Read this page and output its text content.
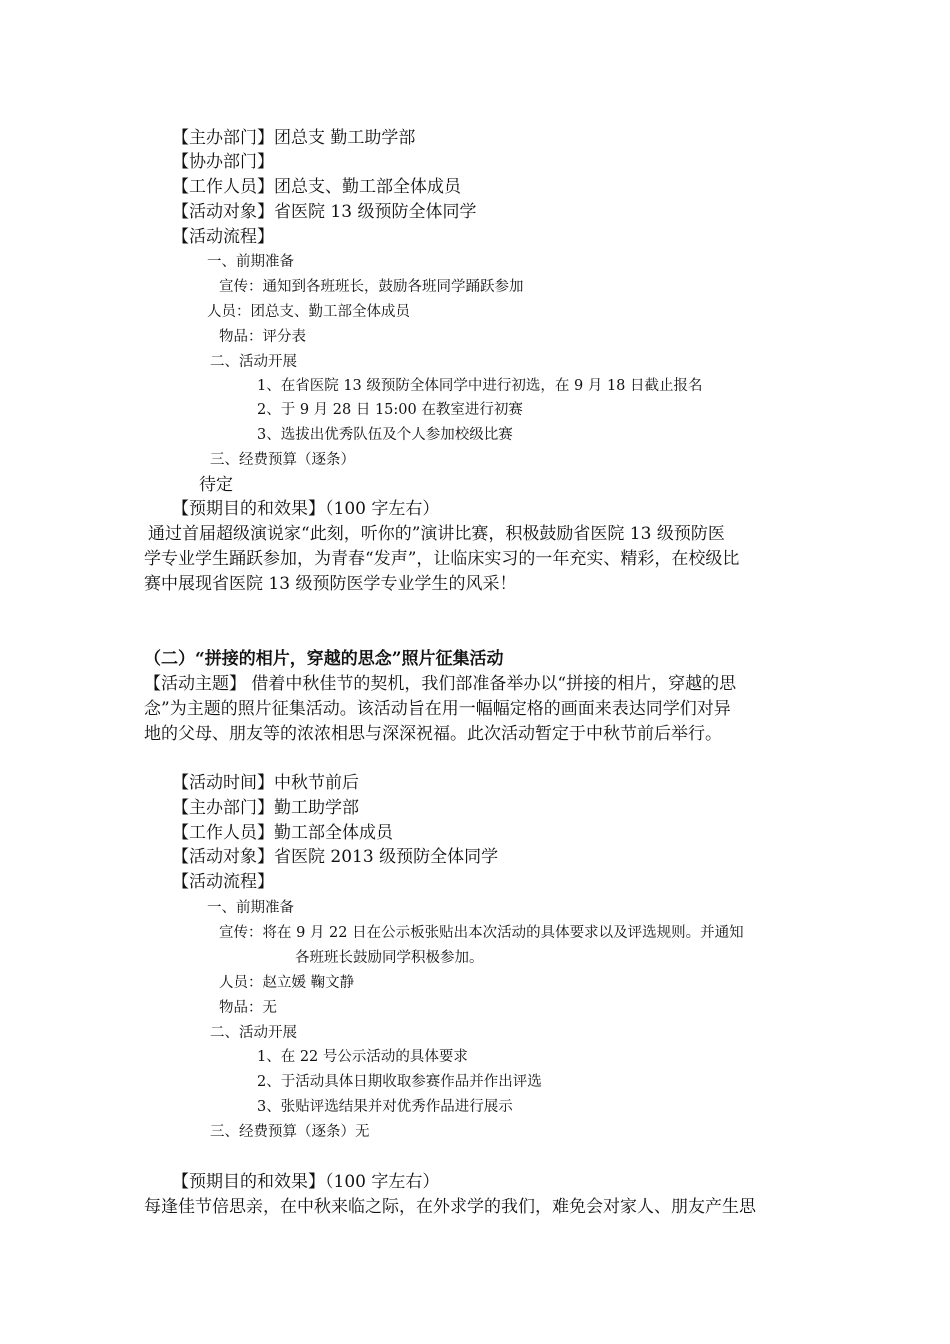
【主办部门】团总支 勤工助学部
【协办部门】
【工作人员】团总支、勤工部全体成员
【活动对象】省医院 13 级预防全体同学
【活动流程】
一、前期准备
宣传：通知到各班班长，鼓励各班同学踊跃参加
人员：团总支、勤工部全体成员
物品：评分表
二、活动开展
1、在省医院 13 级预防全体同学中进行初选，在 9 月 18 日截止报名
2、于 9 月 28 日 15:00 在教室进行初赛
3、选拔出优秀队伍及个人参加校级比赛
三、经费预算（逐条）
待定
【预期目的和效果】（100 字左右）
通过首届超级演说家“此刻，听你的”演讲比赛，积极鼓励省医院 13 级预防医
学专业学生踊跃参加，为青春“发声”，让临床实习的一年充实、精彩，在校级比
赛中展现省医院 13 级预防医学专业学生的风采！
（二）“拼接的相片，穿越的思念”照片征集活动
【活动主题】 借着中秋佳节的契机，我们部准备举办以“拼接的相片，穿越的思
念”为主题的照片征集活动。该活动旨在用一幅幅定格的画面来表达同学们对异
地的父母、朋友等的浓浓相思与深深祝福。此次活动暂定于中秋节前后举行。
【活动时间】中秋节前后
【主办部门】勤工助学部
【工作人员】勤工部全体成员
【活动对象】省医院 2013 级预防全体同学
【活动流程】
一、前期准备
宣传：将在 9 月 22 日在公示板张贴出本次活动的具体要求以及评选规则。并通知
各班班长鼓励同学积极参加。
人员：赵立媛 鞠文静
物品：无
二、活动开展
1、在 22 号公示活动的具体要求
2、于活动具体日期收取参赛作品并作出评选
3、张贴评选结果并对优秀作品进行展示
三、经费预算（逐条）无
【预期目的和效果】（100 字左右）
每逢佳节倍思亲，在中秋来临之际，在外求学的我们，难免会对家人、朋友产生思
